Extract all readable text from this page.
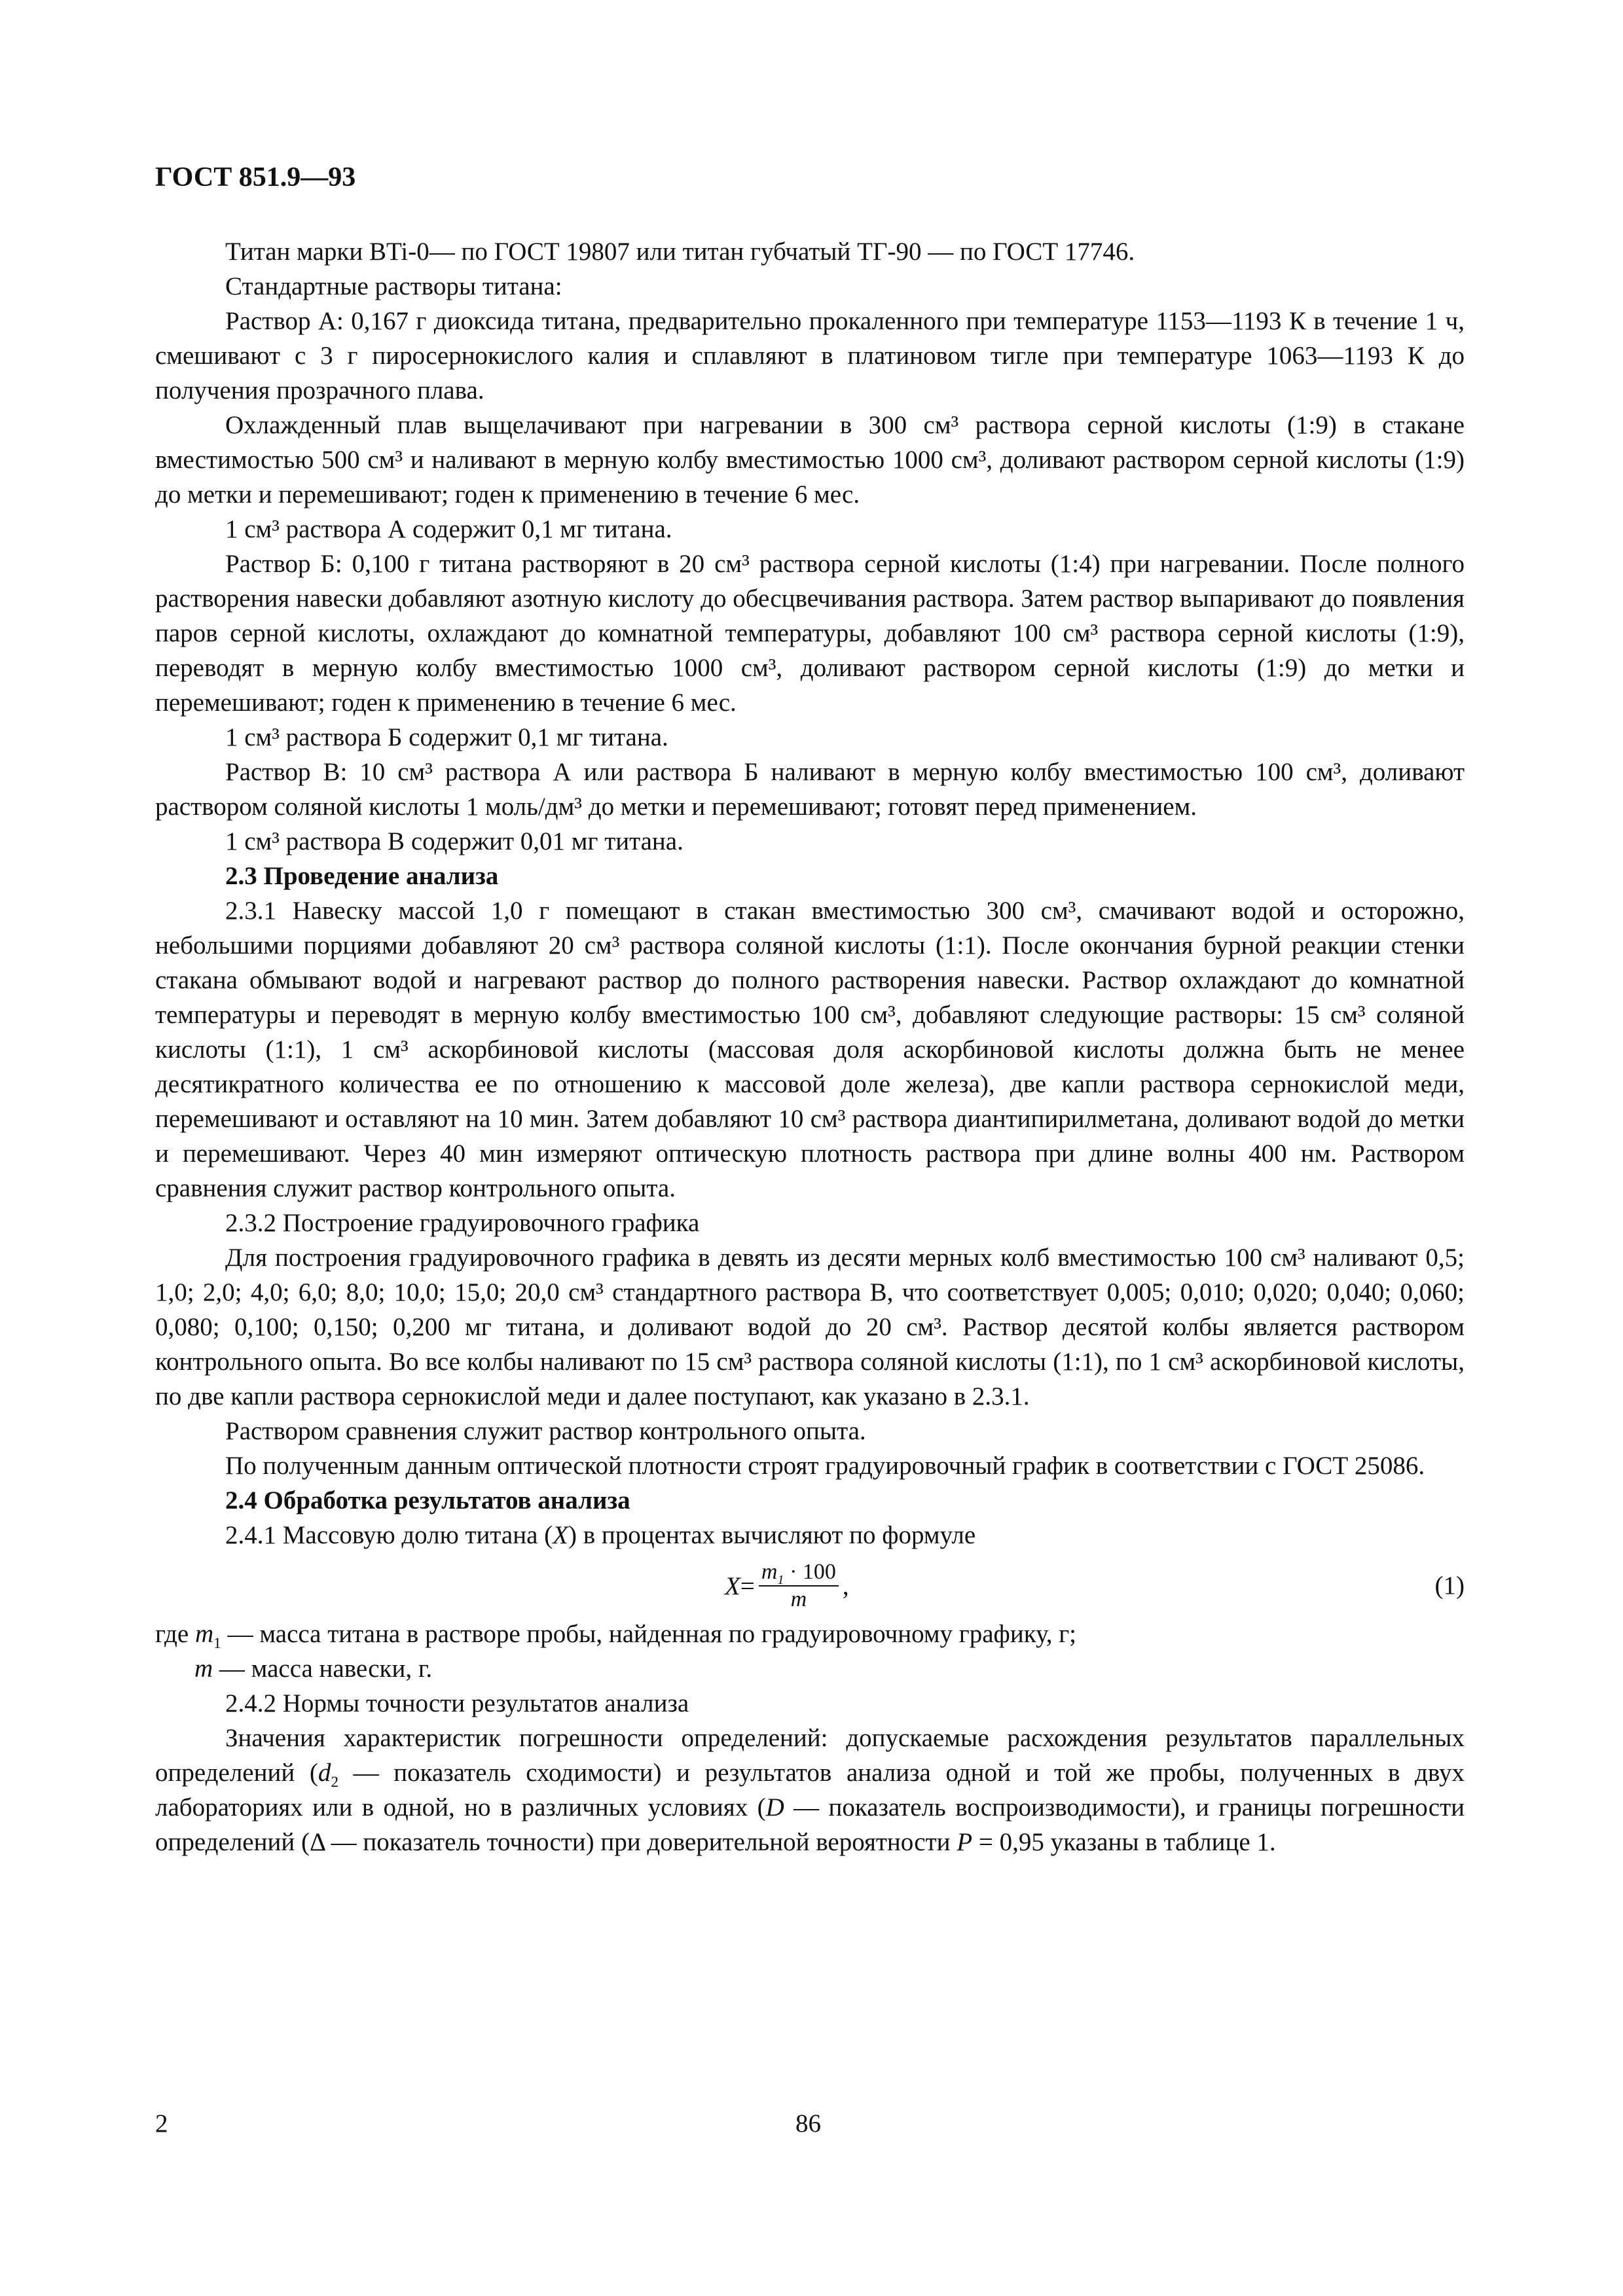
ГОСТ 851.9—93

Титан марки BTi-0— по ГОСТ 19807 или титан губчатый ТГ-90 — по ГОСТ 17746.

Стандартные растворы титана:

Раствор А: 0,167 г диоксида титана, предварительно прокаленного при температуре 1153—1193 К в течение 1 ч, смешивают с 3 г пиросернокислого калия и сплавляют в платиновом тигле при температуре 1063—1193 К до получения прозрачного плава.

Охлажденный плав выщелачивают при нагревании в 300 см³ раствора серной кислоты (1:9) в стакане вместимостью 500 см³ и наливают в мерную колбу вместимостью 1000 см³, доливают раствором серной кислоты (1:9) до метки и перемешивают; годен к применению в течение 6 мес.

1 см³ раствора А содержит 0,1 мг титана.

Раствор Б: 0,100 г титана растворяют в 20 см³ раствора серной кислоты (1:4) при нагревании. После полного растворения навески добавляют азотную кислоту до обесцвечивания раствора. Затем раствор выпаривают до появления паров серной кислоты, охлаждают до комнатной температуры, добавляют 100 см³ раствора серной кислоты (1:9), переводят в мерную колбу вместимостью 1000 см³, доливают раствором серной кислоты (1:9) до метки и перемешивают; годен к применению в течение 6 мес.

1 см³ раствора Б содержит 0,1 мг титана.

Раствор В: 10 см³ раствора А или раствора Б наливают в мерную колбу вместимостью 100 см³, доливают раствором соляной кислоты 1 моль/дм³ до метки и перемешивают; готовят перед применением.

1 см³ раствора В содержит 0,01 мг титана.

2.3 Проведение анализа

2.3.1 Навеску массой 1,0 г помещают в стакан вместимостью 300 см³, смачивают водой и осторожно, небольшими порциями добавляют 20 см³ раствора соляной кислоты (1:1). После окончания бурной реакции стенки стакана обмывают водой и нагревают раствор до полного растворения навески. Раствор охлаждают до комнатной температуры и переводят в мерную колбу вместимостью 100 см³, добавляют следующие растворы: 15 см³ соляной кислоты (1:1), 1 см³ аскорбиновой кислоты (массовая доля аскорбиновой кислоты должна быть не менее десятикратного количества ее по отношению к массовой доле железа), две капли раствора сернокислой меди, перемешивают и оставляют на 10 мин. Затем добавляют 10 см³ раствора диантипирилметана, доливают водой до метки и перемешивают. Через 40 мин измеряют оптическую плотность раствора при длине волны 400 нм. Раствором сравнения служит раствор контрольного опыта.

2.3.2 Построение градуировочного графика

Для построения градуировочного графика в девять из десяти мерных колб вместимостью 100 см³ наливают 0,5; 1,0; 2,0; 4,0; 6,0; 8,0; 10,0; 15,0; 20,0 см³ стандартного раствора В, что соответствует 0,005; 0,010; 0,020; 0,040; 0,060; 0,080; 0,100; 0,150; 0,200 мг титана, и доливают водой до 20 см³. Раствор десятой колбы является раствором контрольного опыта. Во все колбы наливают по 15 см³ раствора соляной кислоты (1:1), по 1 см³ аскорбиновой кислоты, по две капли раствора сернокислой меди и далее поступают, как указано в 2.3.1.

Раствором сравнения служит раствор контрольного опыта.

По полученным данным оптической плотности строят градуировочный график в соответствии с ГОСТ 25086.

2.4 Обработка результатов анализа

2.4.1 Массовую долю титана (X) в процентах вычисляют по формуле

$X = \frac{m_1 \cdot 100}{m}$ ,	(1)

где $m_1$ — масса титана в растворе пробы, найденная по градуировочному графику, г;

m — масса навески, г.

2.4.2 Нормы точности результатов анализа

Значения характеристик погрешности определений: допускаемые расхождения результатов параллельных определений ($d_2$ — показатель сходимости) и результатов анализа одной и той же пробы, полученных в двух лабораториях или в одной, но в различных условиях (D — показатель воспроизводимости), и границы погрешности определений (Δ — показатель точности) при доверительной вероятности P = 0,95 указаны в таблице 1.

2	86
